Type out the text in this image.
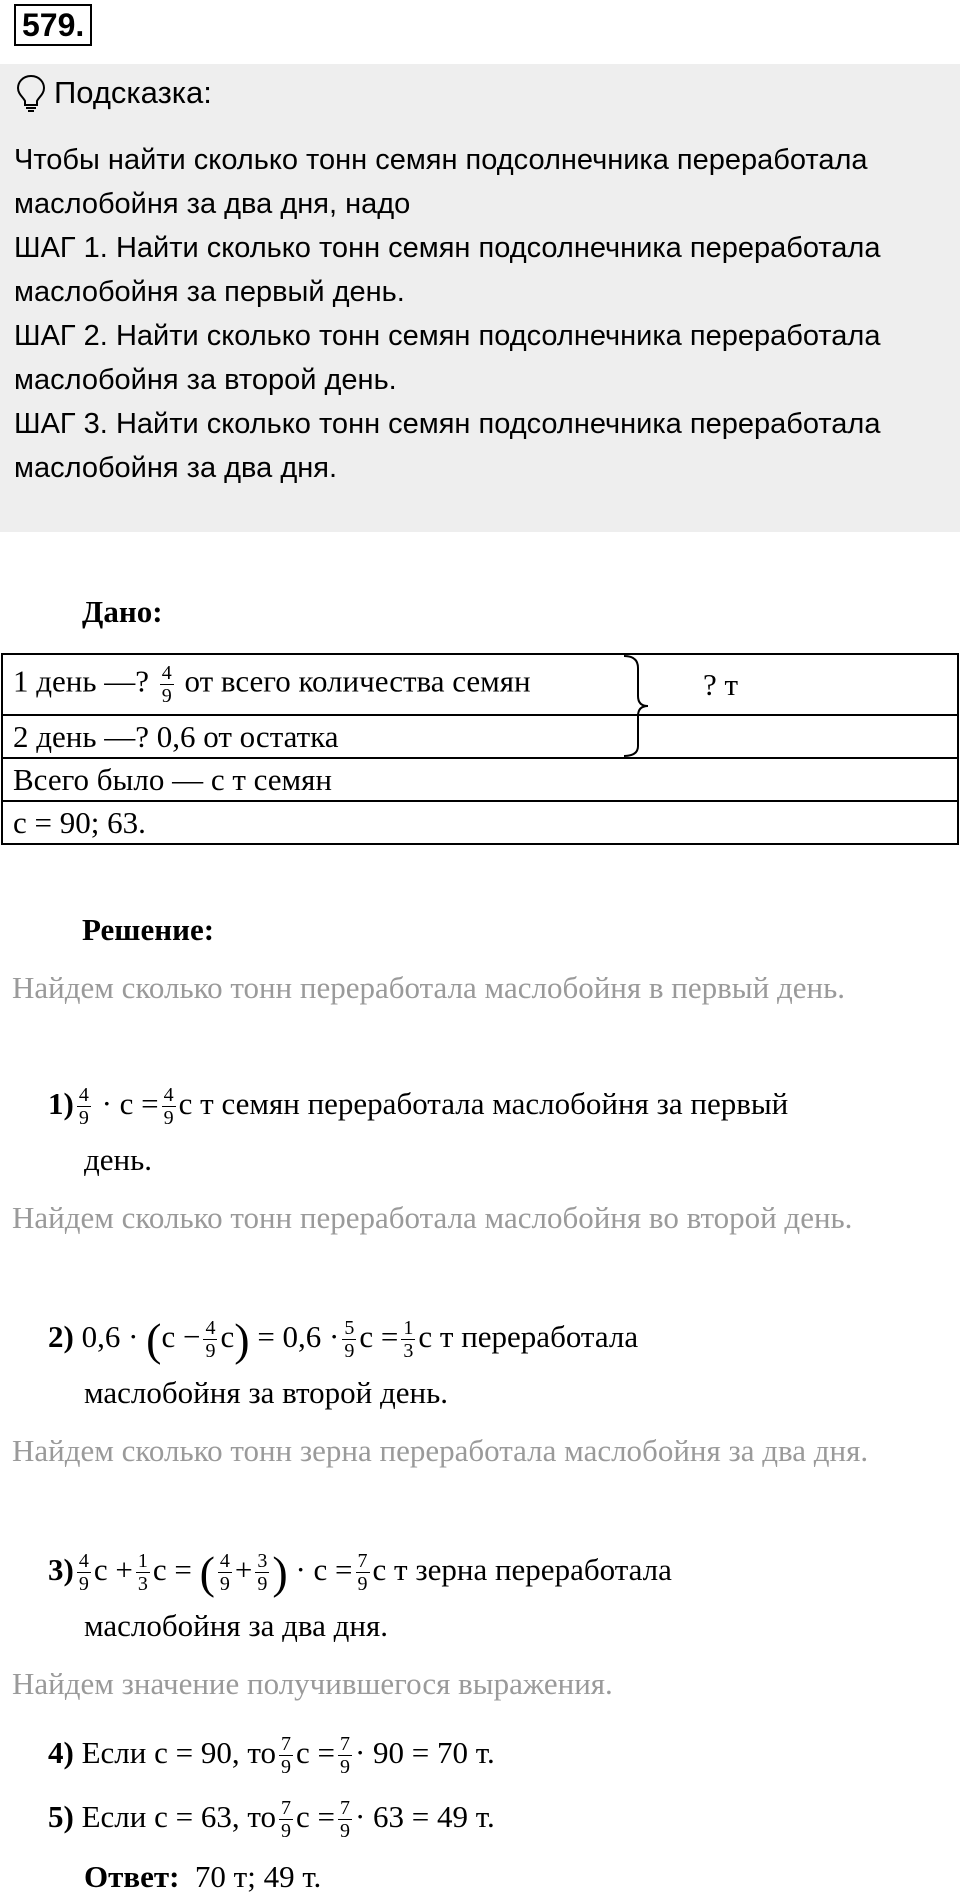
579.
Подсказка:

Чтобы найти сколько тонн семян подсолнечника переработала маслобойня за два дня, надо

ШАГ 1. Найти сколько тонн семян подсолнечника переработала маслобойня за первый день.

ШАГ 2. Найти сколько тонн семян подсолнечника переработала маслобойня за второй день.

ШАГ 3. Найти сколько тонн семян подсолнечника переработала маслобойня за два дня.

Дано:
1 день —? $\frac{4}{9}$ от всего количества семян	? т
2 день —? 0,6 от остатка
Всего было — с т семян
с = 90; 63.
Решение:
Найдем сколько тонн переработала маслобойня в первый день.
$1) \frac{4}{9} \cdot с = \frac{4}{9}$ с т семян переработала маслобойня за первый
день.
Найдем сколько тонн переработала маслобойня во второй день.
2) $0,6 \cdot (с - \frac{4}{9} с) = 0,6 \cdot \frac{5}{9}$ $с = \frac{1}{3}$ с т переработала
маслобойня за второй день.
Найдем сколько тонн зерна переработала маслобойня за два дня.
$3) \frac{4}{9}$ $с + \frac{1}{3}$ с = ( $\frac{4}{9} + \frac{3}{9}$ ) · $с = \frac{7}{9}$ с т зерна переработала
маслобойня за два дня.
Найдем значение получившегося выражения.
4) Если с = 90, то $\frac{7}{9}$ $с = \frac{7}{9} \cdot 90 = 70$ т.
5) Если с = 63, то $\frac{7}{9}$ $с = \frac{7}{9} \cdot 63 = 49$ т.
Ответ: 70 т; 49 т.
